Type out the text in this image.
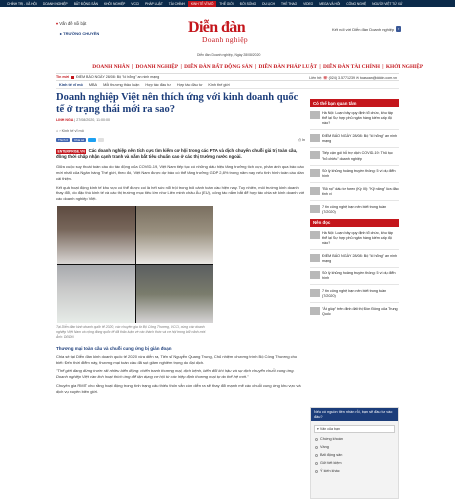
CHÍNH TRỊ - XÃ HỘI	DOANH NGHIỆP	BẤT ĐỘNG SẢN	KHỞI NGHIỆP	VCCI	PHÁP LUẬT	TÀI CHÍNH	KINH TẾ VĨ MÔ	THẾ GIỚI	ĐỜI SỐNG	DU LỊCH	THỂ THAO	VIDEO	MEGA VÀ HỎI	CÔNG NGHỆ	NGƯỜI VIỆT TỨ XỨ
▾ Vấn đề nổi bật
▸ TRƯỜNG CHUYÊN	Diễn đàn
Doanh nghiệp
Diễn đàn Doanh nghiệp, Ngày 28/08/2020
Kết nối với Diễn đàn Doanh nghiệp	f
DOANH NHÂN | DOANH NGHIỆP | DIỄN ĐÀN BẤT ĐỘNG SẢN | DIỄN ĐÀN PHÁP LUẬT | DIỄN ĐÀN TÀI CHÍNH | KHỞI NGHIỆP
Tin mới ĐIỂM BÁO NGÀY 28/08: Bộ "lố hổng" an ninh mạng	Liên hệ: ☏ (024) 3.5771239 ✉ toasoan@dddn.com.vn
Kinh tế vĩ mô	MBA	Mỗi thương thảo luận	Hợp tác đầu tư	Hợp tác đầu tư	Kinh thế giới
Doanh nghiệp Việt nên thích ứng với kinh doanh quốc tế ở trạng thái mới ra sao?
LINH NGA | 27/08/2020, 11:00:00
⌂ › Kinh tế vĩ mô
Thích 0	Chia sẻ	⎙ In
ENTERPRISE.VN Các doanh nghiệp nên tích cực tìm kiếm cơ hội trong các FTA và dịch chuyển chuỗi giá trị toàn cầu, đồng thời chấp nhận cạnh tranh và nắm bắt tiêu chuẩn cao ở các thị trường nước ngoài.

Giữa cuộc suy thoái toàn cầu do tác động của COVID-19, Việt Nam tiếp tục có những dấu hiệu tăng trưởng tích cực, phản ánh qua báo cáo mới nhất của Ngân hàng Thế giới, theo đó, Việt Nam được dự báo có thể tăng trưởng GDP 2,8% trong năm nay nếu tình hình toàn cầu dần cải thiện.

Kết quả hoạt động kinh tế khu vực có thể được coi là hết sức nổi trội trong bối cảnh toàn cầu hiện nay. Tuy nhiên, môi trường kinh doanh thay đổi, do đặc thù kinh tế và các thị trường mục tiêu lớn như Liên minh châu Âu (EU), công tác nắm bắt để hợp tác chia sẻ kinh doanh với các doanh nghiệp Việt.

Tại Diễn đàn kinh doanh quốc tế 2020, các chuyên gia từ Bộ Công Thương, VCCI, cùng các doanh nghiệp Việt Nam và cộng đồng quốc tế đã thảo luận về các thách thức và cơ hội trong bối cảnh mới. Ảnh: DĐDN

Thương mại toàn cầu và chuỗi cung ứng bị gián đoạn

Chia sẻ tại Diễn đàn kinh doanh quốc tế 2020 vừa diễn ra, Tiến sĩ Nguyễn Quang Trung, Chủ nhiệm chương trình Bộ Công Thương cho biết: Đến thời điểm này, thương mại toàn cầu đã sụt giảm nghiêm trọng do đại dịch.

"Thế giới đang đứng trước rất nhiều biến động: chiến tranh thương mại, dịch bệnh, biến đổi khí hậu và sự dịch chuyển chuỗi cung ứng. Doanh nghiệp Việt cần linh hoạt thích ứng để tận dụng cơ hội từ các hiệp định thương mại tự do thế hệ mới."

Chuyên gia RMIT cho rằng hoạt động trong tình trạng cấu thiếu thốn vẫn còn diễn ra sẽ thay đổi mạnh mẽ các chuỗi cung ứng khu vực và dịch vụ xuyên biên giới.

Có thể bạn quan tâm
Hà Nội: Loạn bảy quy định tổ chức, khu tập thể lại Sự hợp phủ ngân hàng kiếm cấp độ nào?
ĐIỂM BÁO NGÀY 28/08: Bộ "lố hổng" an ninh mạng
Tiếp cận gói hỗ trợ dịch COVID-19: Thủ tục "bỏ chiếu" doanh nghiệp
Sử lý khủng hoảng truyền thông: 5 ví dụ điển hình
"Bỏ rọi" dấu tơ forex (Kỳ III): "Kỹ năng" lừa đảo tinh vi
7 tin công nghệ bạn nên biết trong tuần (7/2020)
Nên đọc
Hà Nội: Loạn bảy quy định tổ chức, khu tập thể lại Sự hợp phủ ngân hàng kiếm cấp độ nào?
ĐIỂM BÁO NGÀY 28/08: Bộ "lố hổng" an ninh mạng
Sử lý khủng hoảng truyền thông: 5 ví dụ điển hình
7 tin công nghệ bạn nên biết trong tuần (7/2020)
"Át giúp" trên đinh đất thị Đồn Đông của Trung Quốc
Nếu có nguồn tiền nhàn rỗi, bạn sẽ đầu tư vào đâu?
▾ Vấn của bạn
Chứng khoán
Vàng
Bất động sản
Gửi tiết kiệm
Ý kiến khác
